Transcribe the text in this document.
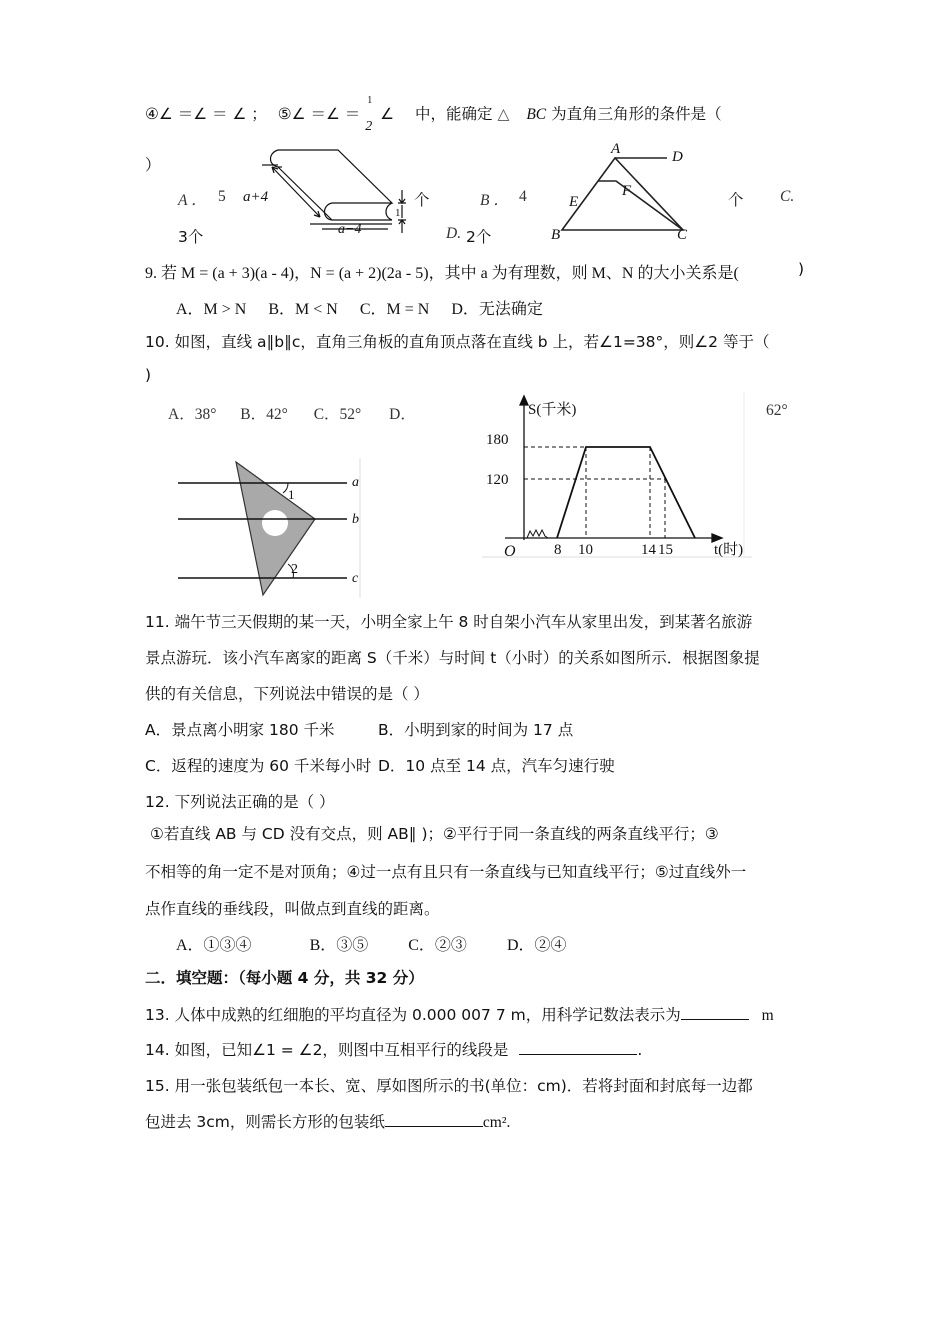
④∠ ＝∠ ＝ ∠ ； ⑤∠ ＝∠ ＝
1
2
∠ 中，能确定 △ BC 为直角三角形的条件是（
）
A ． 5	个	B ． 4	个 C.
3个	D. 2个
a+4
a−4
1
A	D
E
F
B	C
9. 若 M = (a + 3)(a - 4)，N = (a + 2)(2a - 5)，其中 a 为有理数，则 M、N 的大小关系是(	)
A．M > N B．M < N C．M = N D．无法确定
10. 如图，直线 a∥b∥c，直角三角板的直角顶点落在直线 b 上，若∠1=38°，则∠2 等于（
)
A．38° B．42° C．52° D．	62°
a
b
c
1
2
S(千米)
180
120
O	8 10	14 15	t(时)
11. 端午节三天假期的某一天，小明全家上午 8 时自架小汽车从家里出发，到某著名旅游
景点游玩．该小汽车离家的距离 S（千米）与时间 t（小时）的关系如图所示．根据图象提
供的有关信息，下列说法中错误的是（ ）
A．景点离小明家 180 千米	B．小明到家的时间为 17 点
C．返程的速度为 60 千米每小时 D．10 点至 14 点，汽车匀速行驶
12. 下列说法正确的是（ ）
①若直线 AB 与 CD 没有交点，则 AB∥ )；②平行于同一条直线的两条直线平行；③
不相等的角一定不是对顶角；④过一点有且只有一条直线与已知直线平行；⑤过直线外一
点作直线的垂线段，叫做点到直线的距离。
A．①③④	B．③⑤	C．②③	D．②④
二．填空题：（每小题 4 分，共 32 分）
13. 人体中成熟的红细胞的平均直径为 0.000 007 7 m，用科学记数法表示为	m
14. 如图，已知∠1 = ∠2，则图中互相平行的线段是	.
15. 用一张包装纸包一本长、宽、厚如图所示的书(单位：cm)．若将封面和封底每一边都
包进去 3cm，则需长方形的包装纸	cm².
